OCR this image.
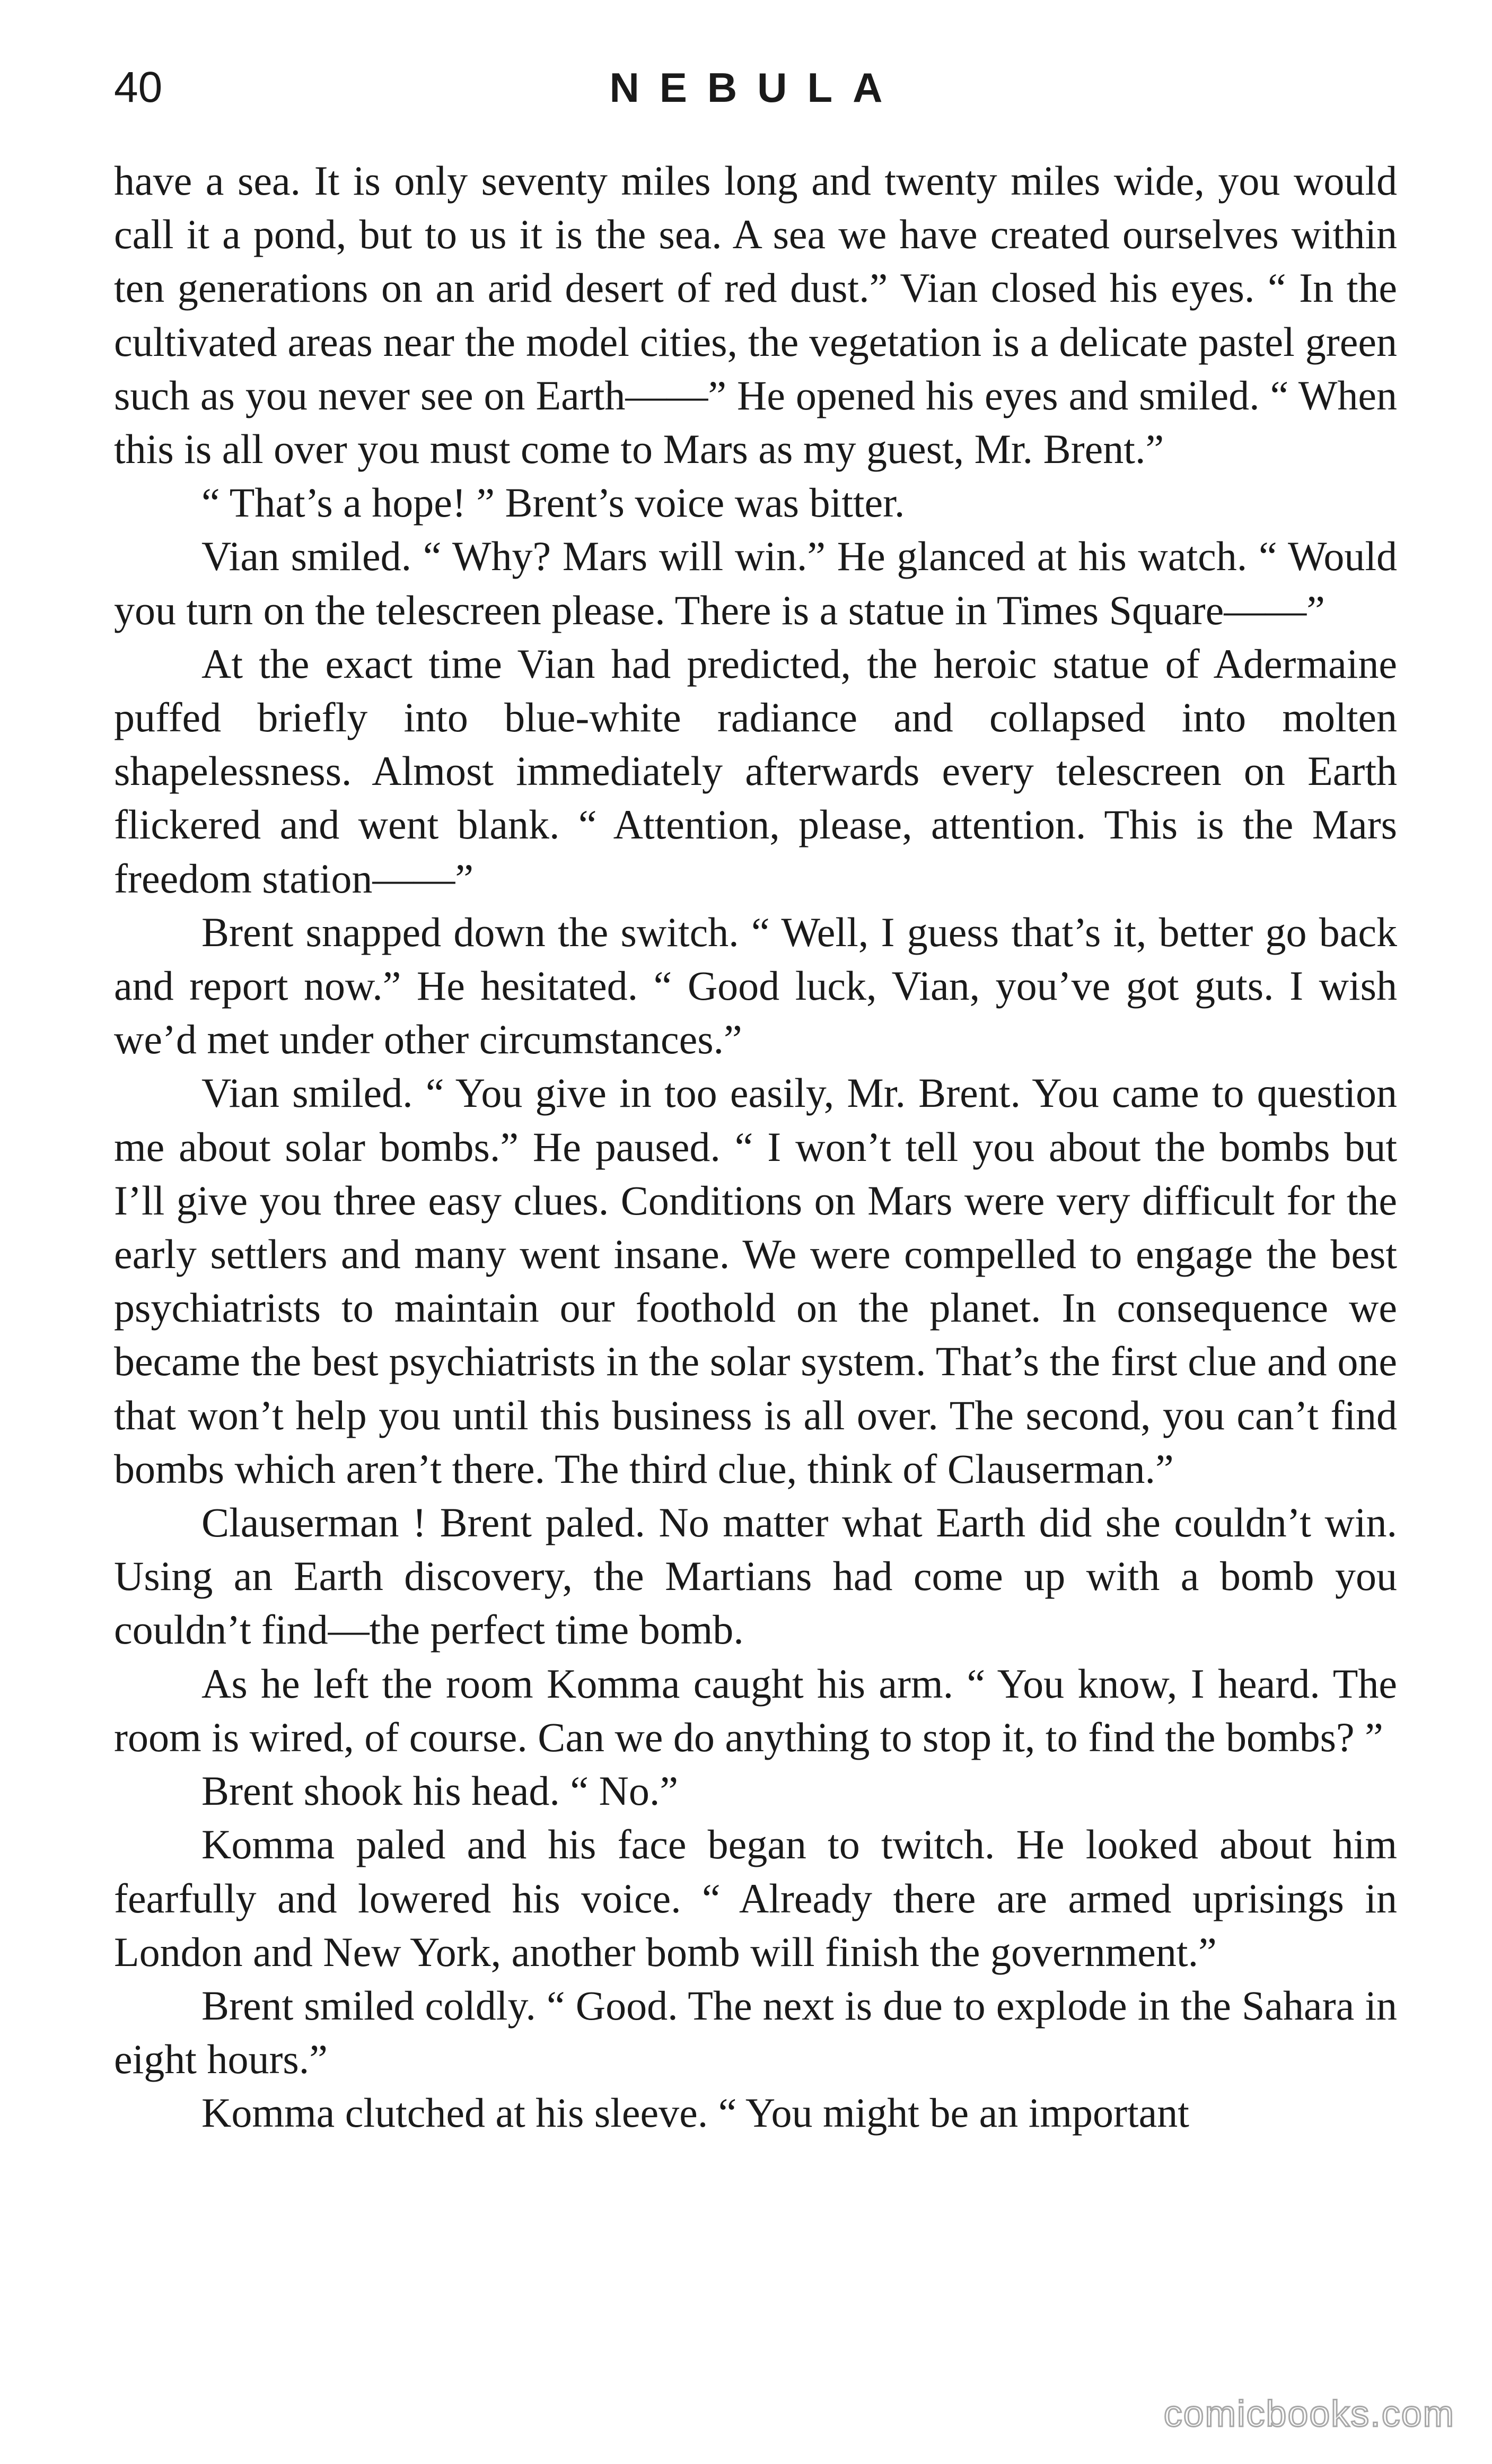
40	NEBULA

have a sea. It is only seventy miles long and twenty miles wide, you would call it a pond, but to us it is the sea. A sea we have created ourselves within ten generations on an arid desert of red dust.” Vian closed his eyes. “ In the cultivated areas near the model cities, the vegetation is a delicate pastel green such as you never see on Earth——” He opened his eyes and smiled. “ When this is all over you must come to Mars as my guest, Mr. Brent.”

“ That’s a hope! ” Brent’s voice was bitter.

Vian smiled. “ Why? Mars will win.” He glanced at his watch. “ Would you turn on the telescreen please. There is a statue in Times Square——”

At the exact time Vian had predicted, the heroic statue of Adermaine puffed briefly into blue-white radiance and collapsed into molten shapelessness. Almost immediately afterwards every telescreen on Earth flickered and went blank. “ Attention, please, attention. This is the Mars freedom station——”

Brent snapped down the switch. “ Well, I guess that’s it, better go back and report now.” He hesitated. “ Good luck, Vian, you’ve got guts. I wish we’d met under other circumstances.”

Vian smiled. “ You give in too easily, Mr. Brent. You came to question me about solar bombs.” He paused. “ I won’t tell you about the bombs but I’ll give you three easy clues. Conditions on Mars were very difficult for the early settlers and many went insane. We were compelled to engage the best psychiatrists to maintain our foothold on the planet. In consequence we became the best psychiatrists in the solar system. That’s the first clue and one that won’t help you until this business is all over. The second, you can’t find bombs which aren’t there. The third clue, think of Clauserman.”

Clauserman ! Brent paled. No matter what Earth did she couldn’t win. Using an Earth discovery, the Martians had come up with a bomb you couldn’t find—the perfect time bomb.

As he left the room Komma caught his arm. “ You know, I heard. The room is wired, of course. Can we do anything to stop it, to find the bombs? ”

Brent shook his head. “ No.”

Komma paled and his face began to twitch. He looked about him fearfully and lowered his voice. “ Already there are armed uprisings in London and New York, another bomb will finish the government.”

Brent smiled coldly. “ Good. The next is due to explode in the Sahara in eight hours.”

Komma clutched at his sleeve. “ You might be an important

comicbooks.com
